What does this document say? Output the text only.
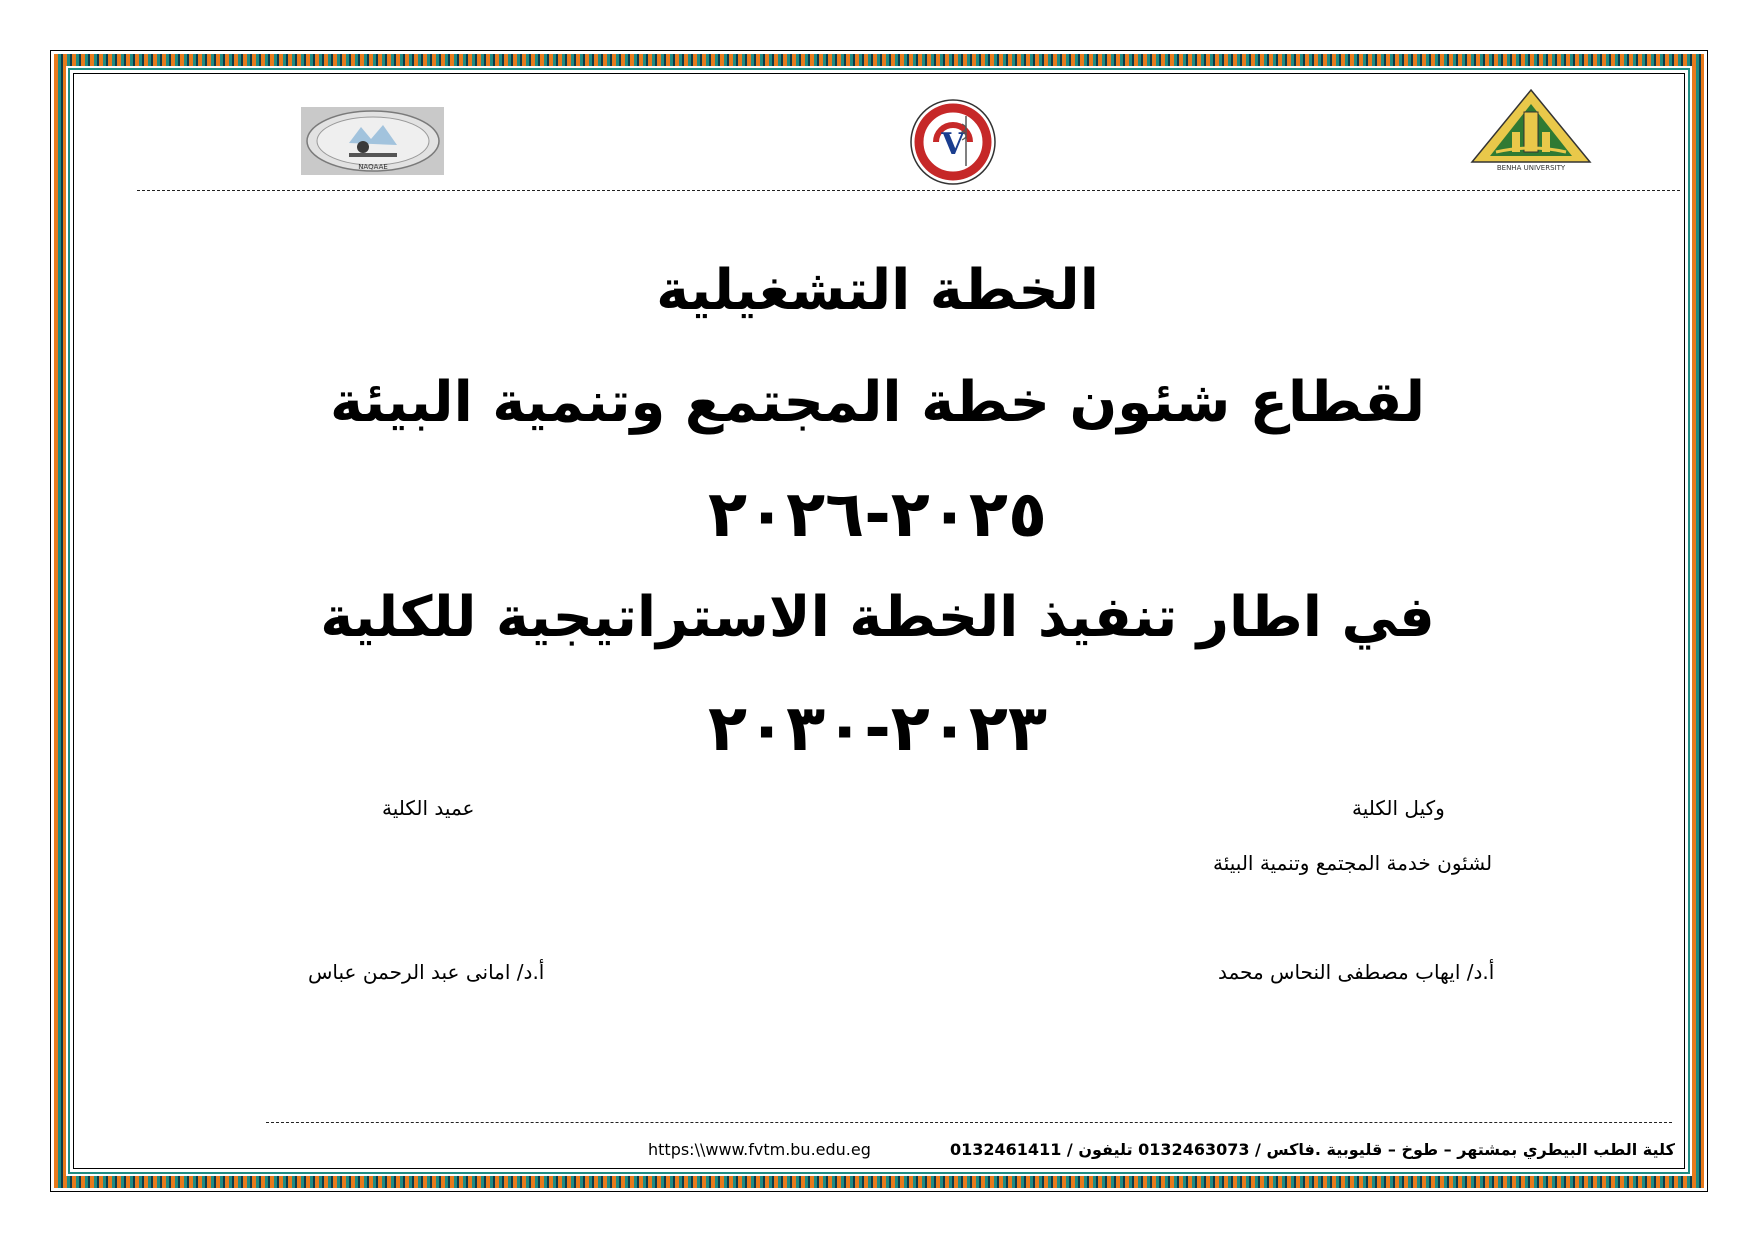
NAQAAE
V
BENHA UNIVERSITY
الخطة التشغيلية
لقطاع شئون خطة المجتمع وتنمية البيئة
٢٠٢٥-٢٠٢٦
في اطار تنفيذ الخطة الاستراتيجية للكلية
٢٠٢٣-٢٠٣٠
وكيل الكلية
لشئون خدمة المجتمع وتنمية البيئة
أ.د/ ايهاب مصطفى النحاس محمد
عميد الكلية
أ.د/ امانى عبد الرحمن عباس
https:\\www.fvtm.bu.edu.eg	كلية الطب البيطري بمشتهر – طوخ – قليوبية .فاكس / 0132463073 تليفون / 0132461411
